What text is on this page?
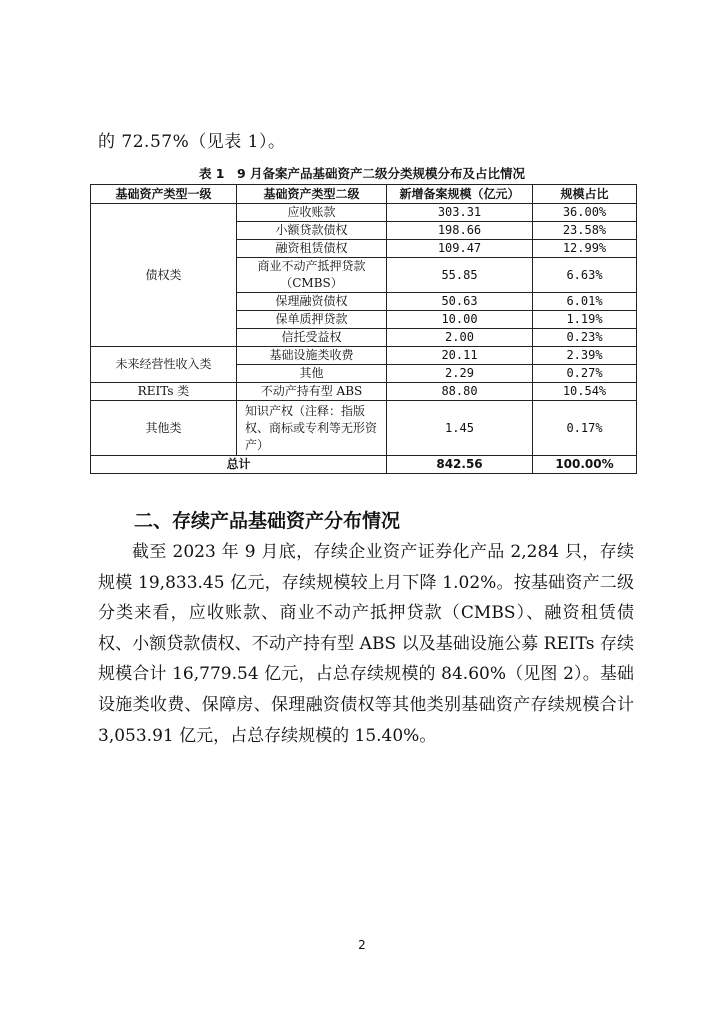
的 72.57%（见表 1）。
表 1　9 月备案产品基础资产二级分类规模分布及占比情况
基础资产类型一级	基础资产类型二级	新增备案规模（亿元）	规模占比
债权类	应收账款	303.31	36.00%
	小额贷款债权	198.66	23.58%
	融资租赁债权	109.47	12.99%
	商业不动产抵押贷款（CMBS）	55.85	6.63%

	保理融资债权	50.63	6.01%
	保单质押贷款	10.00	1.19%
	信托受益权	2.00	0.23%
未来经营性收入类	基础设施类收费	20.11	2.39%
	其他	2.29	0.27%
REITs 类	不动产持有型 ABS	88.80	10.54%
其他类	知识产权（注释：指版权、商标或专利等无形资产）	1.45	0.17%
总计		842.56	100.00%
二、存续产品基础资产分布情况
截至 2023 年 9 月底，存续企业资产证券化产品 2,284 只，存续规模 19,833.45 亿元，存续规模较上月下降 1.02%。按基础资产二级分类来看，应收账款、商业不动产抵押贷款（CMBS）、融资租赁债权、小额贷款债权、不动产持有型 ABS 以及基础设施公募 REITs 存续规模合计 16,779.54 亿元，占总存续规模的 84.60%（见图 2）。基础设施类收费、保障房、保理融资债权等其他类别基础资产存续规模合计 3,053.91 亿元，占总存续规模的 15.40%。
2
